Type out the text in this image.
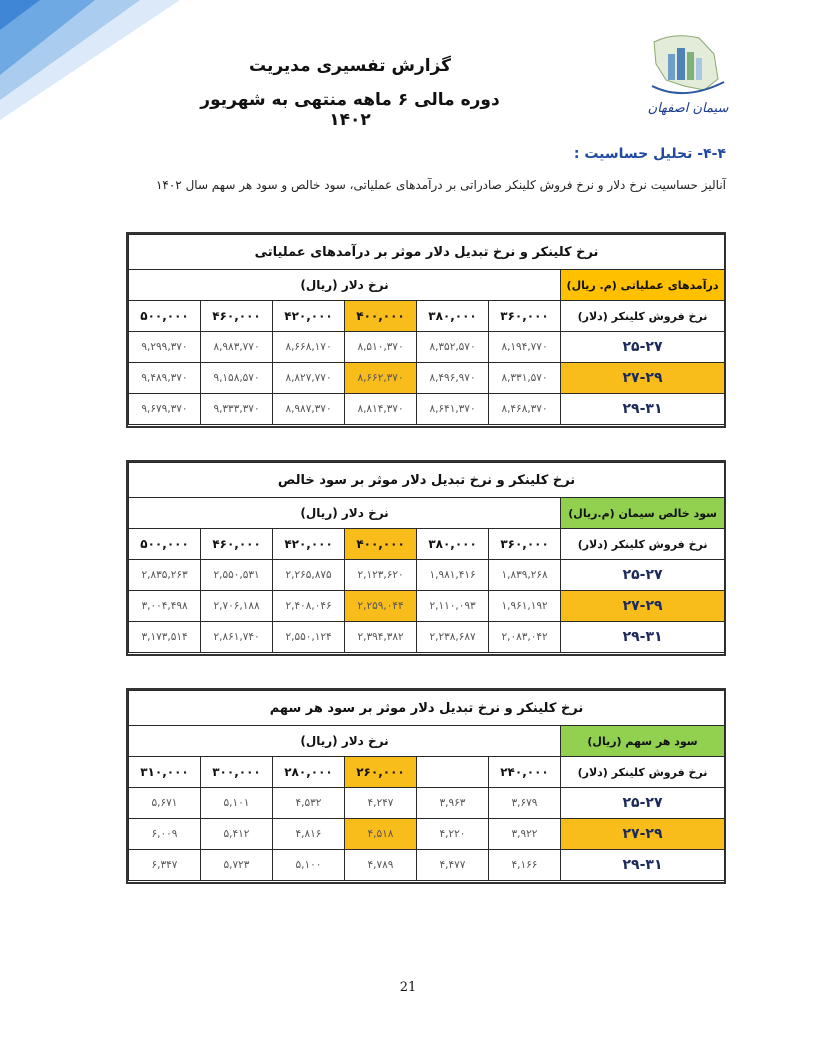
سیمان اصفهان
گزارش تفسیری مدیریت
دوره مالی ۶ ماهه منتهی به شهریور ۱۴۰۲
۴-۴- تحلیل حساسیت :
آنالیز حساسیت نرخ دلار و نرخ فروش کلینکر صادراتی بر درآمدهای عملیاتی، سود خالص و سود هر سهم سال ۱۴۰۲
نرخ کلینکر و نرخ تبدیل دلار موثر بر درآمدهای عملیاتی						
درآمدهای عملیاتی (م. ریال)	نرخ دلار (ریال)					
نرخ فروش کلینکر (دلار)	۳۶۰,۰۰۰	۳۸۰,۰۰۰	۴۰۰,۰۰۰	۴۲۰,۰۰۰	۴۶۰,۰۰۰	۵۰۰,۰۰۰
۲۵-۲۷	۸,۱۹۴,۷۷۰	۸,۳۵۲,۵۷۰	۸,۵۱۰,۳۷۰	۸,۶۶۸,۱۷۰	۸,۹۸۳,۷۷۰	۹,۲۹۹,۳۷۰
۲۷-۲۹	۸,۳۳۱,۵۷۰	۸,۴۹۶,۹۷۰	۸,۶۶۲,۳۷۰	۸,۸۲۷,۷۷۰	۹,۱۵۸,۵۷۰	۹,۴۸۹,۳۷۰
۲۹-۳۱	۸,۴۶۸,۳۷۰	۸,۶۴۱,۳۷۰	۸,۸۱۴,۳۷۰	۸,۹۸۷,۳۷۰	۹,۳۳۳,۳۷۰	۹,۶۷۹,۳۷۰
نرخ کلینکر و نرخ تبدیل دلار موثر بر سود خالص						
سود خالص سیمان (م.ریال)	نرخ دلار (ریال)					
نرخ فروش کلینکر (دلار)	۳۶۰,۰۰۰	۳۸۰,۰۰۰	۴۰۰,۰۰۰	۴۲۰,۰۰۰	۴۶۰,۰۰۰	۵۰۰,۰۰۰
۲۵-۲۷	۱,۸۳۹,۲۶۸	۱,۹۸۱,۴۱۶	۲,۱۲۳,۶۲۰	۲,۲۶۵,۸۷۵	۲,۵۵۰,۵۳۱	۲,۸۳۵,۲۶۳
۲۷-۲۹	۱,۹۶۱,۱۹۲	۲,۱۱۰,۰۹۳	۲,۲۵۹,۰۴۴	۲,۴۰۸,۰۴۶	۲,۷۰۶,۱۸۸	۳,۰۰۴,۴۹۸
۲۹-۳۱	۲,۰۸۳,۰۴۲	۲,۲۳۸,۶۸۷	۲,۳۹۴,۳۸۲	۲,۵۵۰,۱۲۴	۲,۸۶۱,۷۴۰	۳,۱۷۳,۵۱۴
نرخ کلینکر و نرخ تبدیل دلار موثر بر سود هر سهم						
سود هر سهم (ریال)	نرخ دلار (ریال)					
نرخ فروش کلینکر (دلار)	۲۴۰,۰۰۰		۲۶۰,۰۰۰	۲۸۰,۰۰۰	۳۰۰,۰۰۰	۳۱۰,۰۰۰
۲۵-۲۷	۳,۶۷۹	۳,۹۶۳	۴,۲۴۷	۴,۵۳۲	۵,۱۰۱	۵,۶۷۱
۲۷-۲۹	۳,۹۲۲	۴,۲۲۰	۴,۵۱۸	۴,۸۱۶	۵,۴۱۲	۶,۰۰۹
۲۹-۳۱	۴,۱۶۶	۴,۴۷۷	۴,۷۸۹	۵,۱۰۰	۵,۷۲۳	۶,۳۴۷
21
